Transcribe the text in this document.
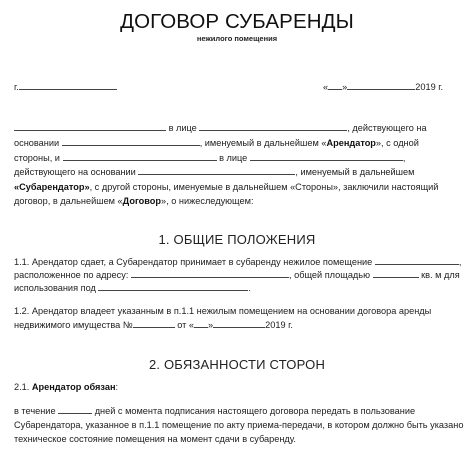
ДОГОВОР СУБАРЕНДЫ
нежилого помещения
г.	« »	2019 г.
в лице	, действующего на
основании	, именуемый в дальнейшем «Арендатор», с одной
стороны, и	в лице	,
действующего на основании	, именуемый в дальнейшем
«Субарендатор», с другой стороны, именуемые в дальнейшем «Стороны», заключили настоящий
договор, в дальнейшем «Договор», о нижеследующем:
1. ОБЩИЕ ПОЛОЖЕНИЯ
1.1. Арендатор сдает, а Субарендатор принимает в субаренду нежилое помещение	,
расположенное по адресу:	, общей площадью	кв. м для
использования под	.
1.2. Арендатор владеет указанным в п.1.1 нежилым помещением на основании договора аренды
недвижимого имущества №	от « »	2019 г.
2. ОБЯЗАННОСТИ СТОРОН
2.1. Арендатор обязан:
в течение	дней с момента подписания настоящего договора передать в пользование
Субарендатора, указанное в п.1.1 помещение по акту приема-передачи, в котором должно быть указано
техническое состояние помещения на момент сдачи в субаренду.
